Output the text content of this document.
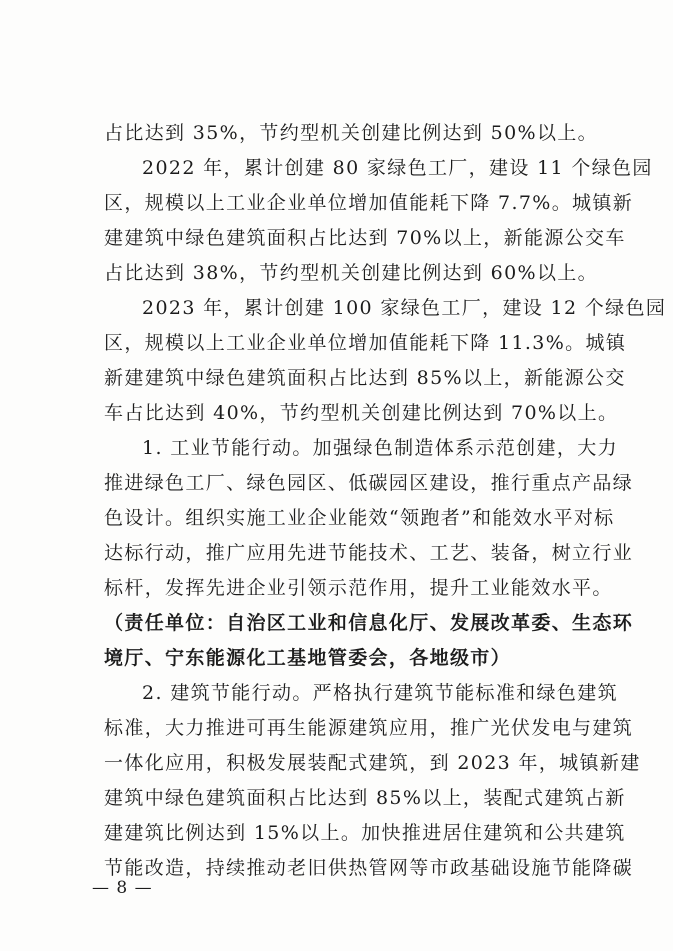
占比达到 35%，节约型机关创建比例达到 50%以上。
2022 年，累计创建 80 家绿色工厂，建设 11 个绿色园
区，规模以上工业企业单位增加值能耗下降 7.7%。城镇新
建建筑中绿色建筑面积占比达到 70%以上，新能源公交车
占比达到 38%，节约型机关创建比例达到 60%以上。
2023 年，累计创建 100 家绿色工厂，建设 12 个绿色园
区，规模以上工业企业单位增加值能耗下降 11.3%。城镇
新建建筑中绿色建筑面积占比达到 85%以上，新能源公交
车占比达到 40%，节约型机关创建比例达到 70%以上。
1. 工业节能行动。加强绿色制造体系示范创建，大力
推进绿色工厂、绿色园区、低碳园区建设，推行重点产品绿
色设计。组织实施工业企业能效“领跑者”和能效水平对标
达标行动，推广应用先进节能技术、工艺、装备，树立行业
标杆，发挥先进企业引领示范作用，提升工业能效水平。
（责任单位：自治区工业和信息化厅、发展改革委、生态环
境厅、宁东能源化工基地管委会，各地级市）
2. 建筑节能行动。严格执行建筑节能标准和绿色建筑
标准，大力推进可再生能源建筑应用，推广光伏发电与建筑
一体化应用，积极发展装配式建筑，到 2023 年，城镇新建
建筑中绿色建筑面积占比达到 85%以上，装配式建筑占新
建建筑比例达到 15%以上。加快推进居住建筑和公共建筑
节能改造，持续推动老旧供热管网等市政基础设施节能降碳
— 8 —
